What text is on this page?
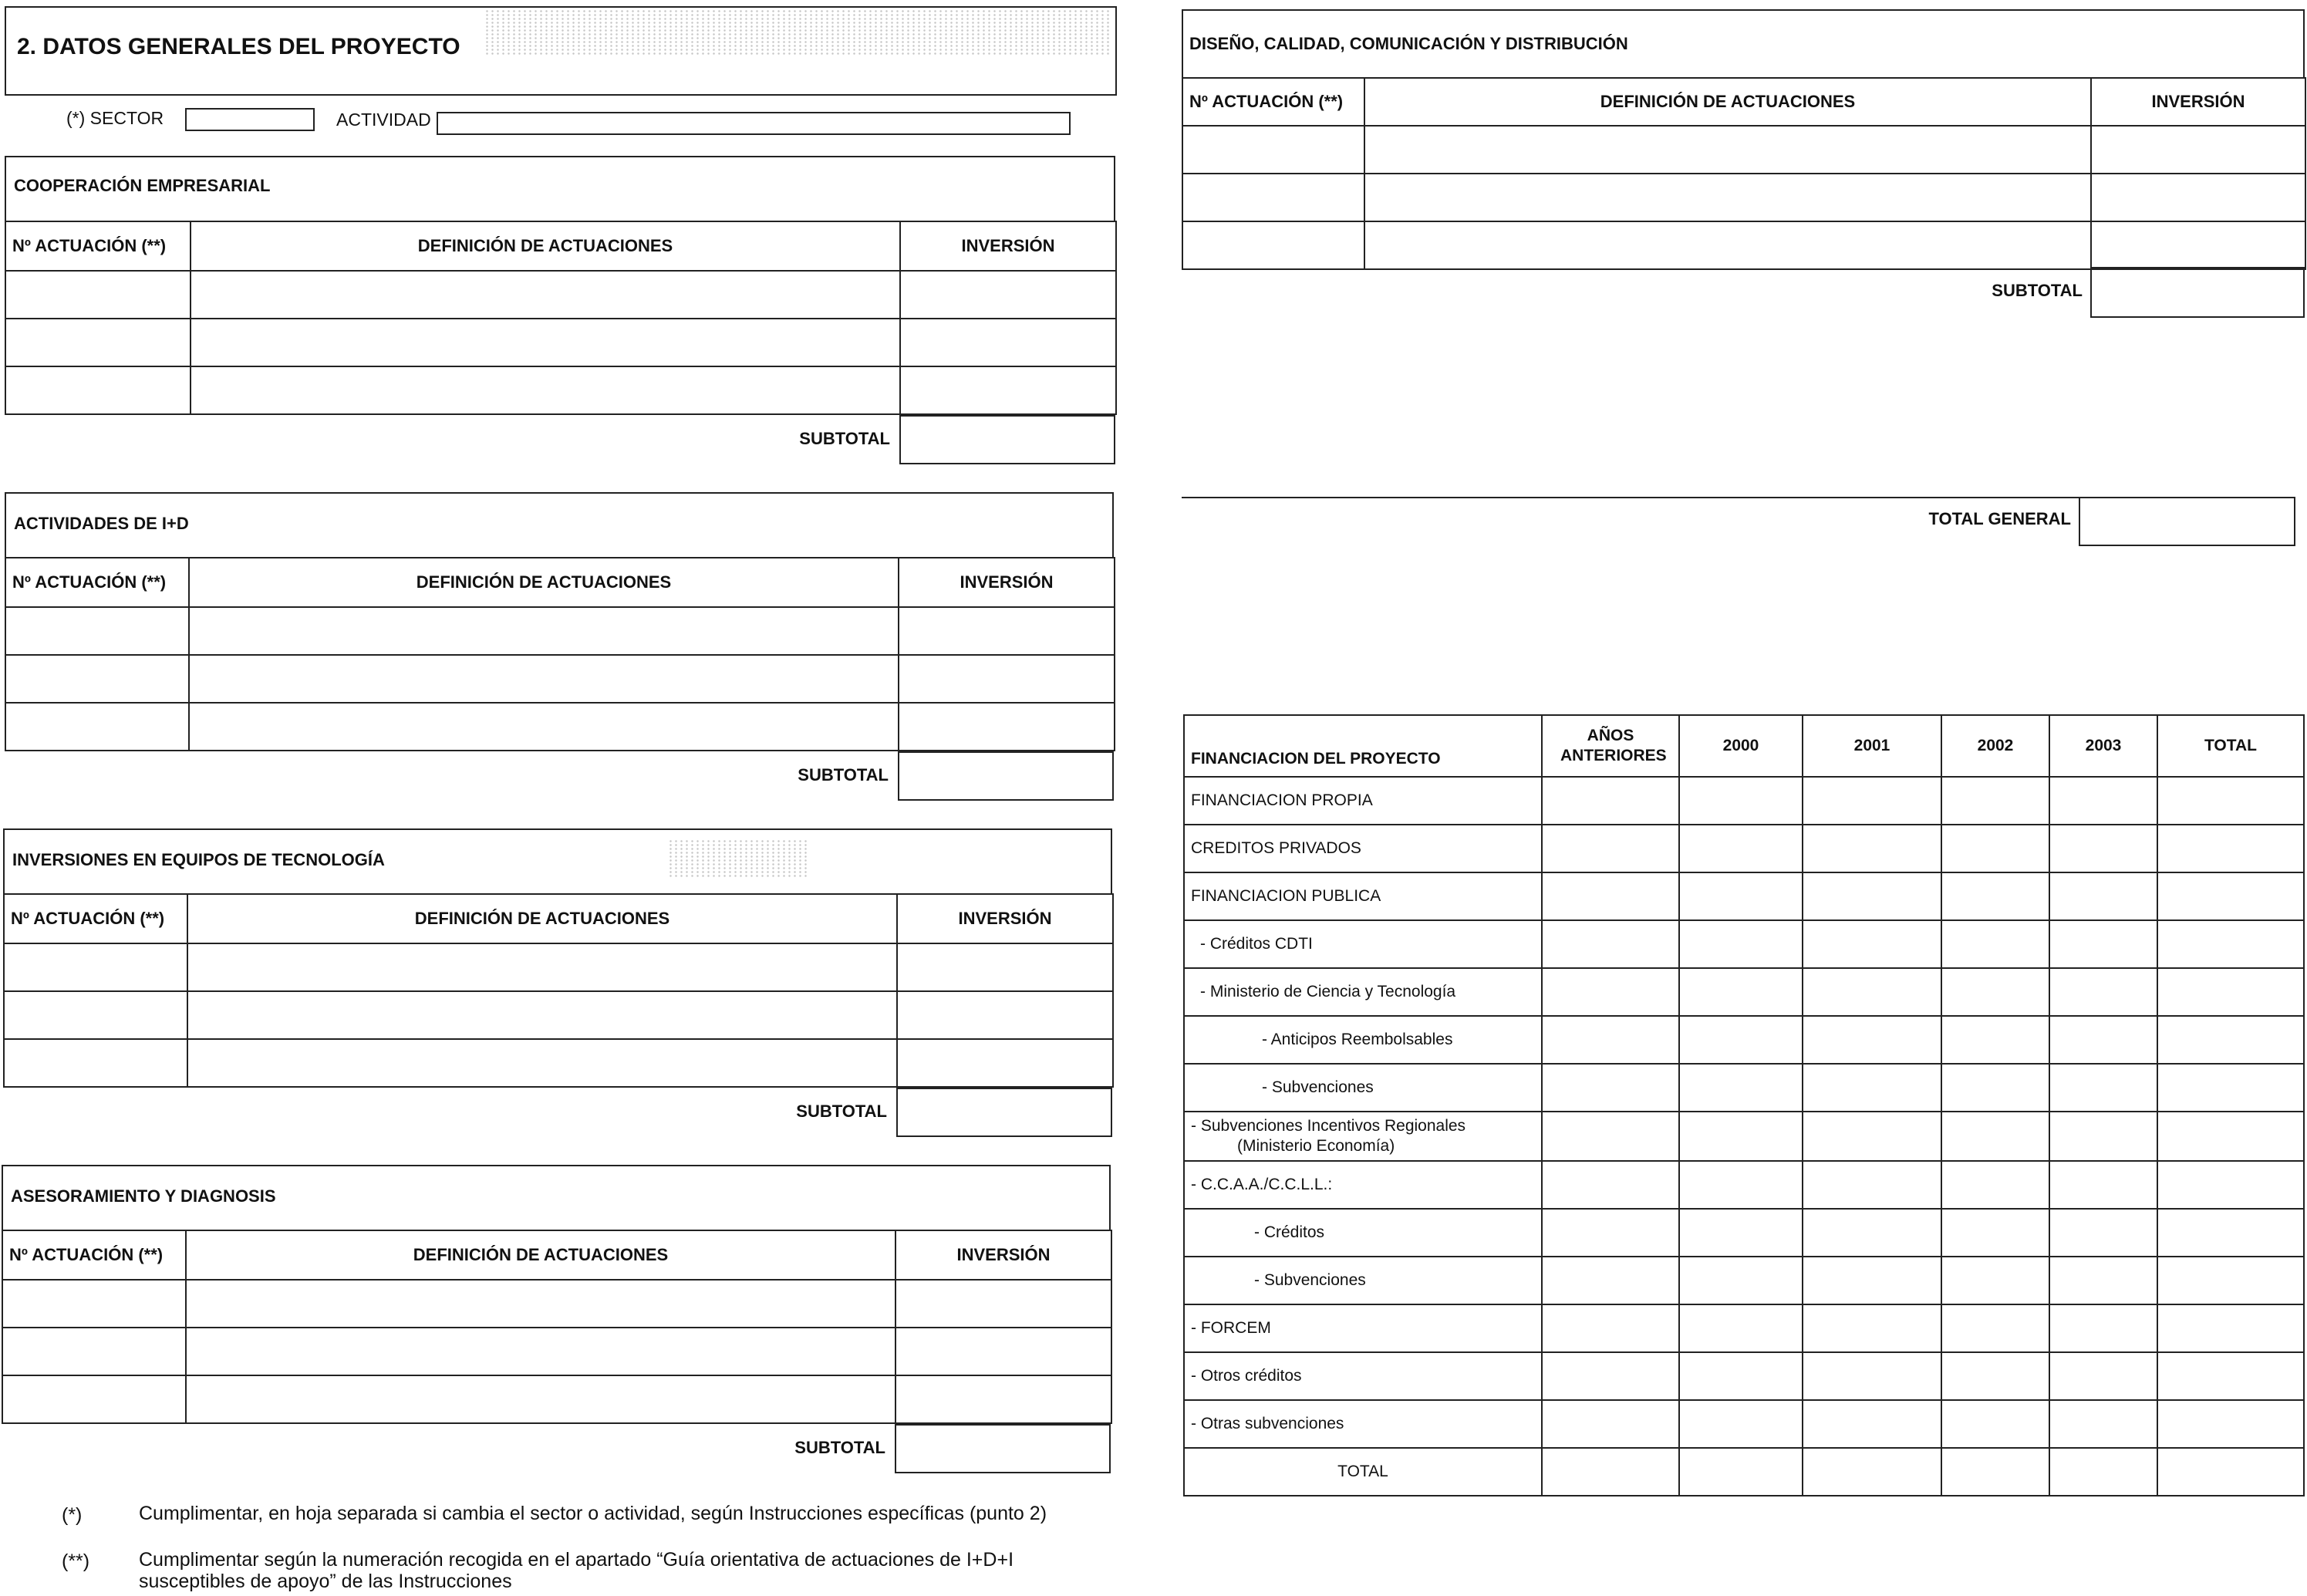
2. DATOS GENERALES DEL PROYECTO
(*) SECTOR	ACTIVIDAD
COOPERACIÓN EMPRESARIAL
Nº ACTUACIÓN (**)	DEFINICIÓN DE ACTUACIONES	INVERSIÓN

SUBTOTAL
ACTIVIDADES DE I+D
Nº ACTUACIÓN (**)	DEFINICIÓN DE ACTUACIONES	INVERSIÓN

SUBTOTAL
INVERSIONES EN EQUIPOS DE TECNOLOGÍA
Nº ACTUACIÓN (**)	DEFINICIÓN DE ACTUACIONES	INVERSIÓN

SUBTOTAL
ASESORAMIENTO Y DIAGNOSIS
Nº ACTUACIÓN (**)	DEFINICIÓN DE ACTUACIONES	INVERSIÓN

SUBTOTAL
(*)	Cumplimentar, en hoja separada si cambia el sector o actividad, según Instrucciones específicas (punto 2)
(**)	Cumplimentar según la numeración recogida en el apartado “Guía orientativa de actuaciones de I+D+I susceptibles de apoyo” de las Instrucciones
DISEÑO, CALIDAD, COMUNICACIÓN Y DISTRIBUCIÓN
Nº ACTUACIÓN (**)	DEFINICIÓN DE ACTUACIONES	INVERSIÓN

SUBTOTAL
TOTAL GENERAL
FINANCIACION DEL PROYECTO	AÑOS ANTERIORES	2000	2001	2002	2003	TOTAL
FINANCIACION PROPIA						
CREDITOS PRIVADOS						
FINANCIACION PUBLICA						
- Créditos CDTI						
- Ministerio de Ciencia y Tecnología						
- Anticipos Reembolsables						
- Subvenciones						

- Subvenciones Incentivos Regionales
(Ministerio Economía)						

- C.C.A.A./C.C.L.L.:						
- Créditos						
- Subvenciones						
- FORCEM						
- Otros créditos						
- Otras subvenciones						
TOTAL						
